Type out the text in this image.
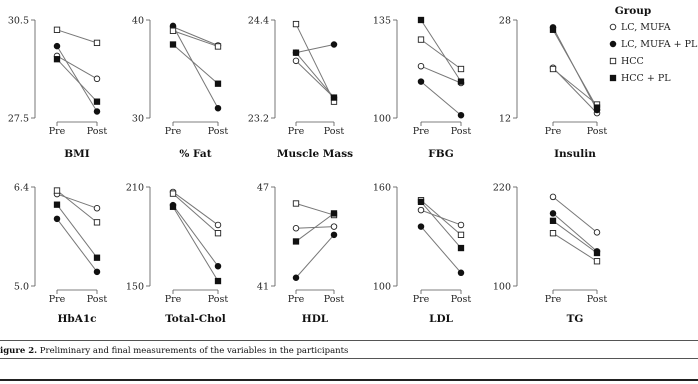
30.5
27.5
Pre Post
BMI
40
30
Pre	Post
% Fat
24.4
23.2
Pre Post
Muscle Mass
135
100
Pre Post
FBG
28
12
Pre	Post
Insulin
6.4
5.0
Pre Post
HbA1c
210
150
Pre	Post
Total-Chol
47
41
Pre Post
HDL
160
100
Pre Post
LDL
220
100
Pre	Post
TG
Group
LC, MUFA
LC, MUFA + PL
HCC
HCC + PL
igure 2. Preliminary and final measurements of the variables in the participants
